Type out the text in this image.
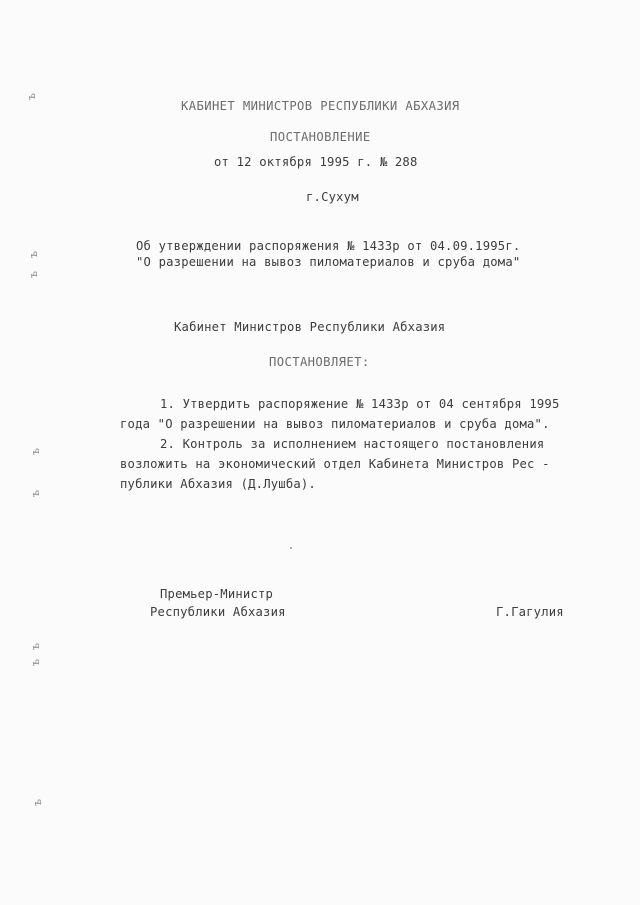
ъ
ъ
ъ
ъ
ъ
ъ
ъ
ъ
КАБИНЕТ МИНИСТРОВ РЕСПУБЛИКИ АБХАЗИЯ
ПОСТАНОВЛЕНИЕ
от 12 октября 1995 г. № 288
г.Сухум
Об утверждении распоряжения № 1433р от 04.09.1995г.
"О разрешении на вывоз пиломатериалов и сруба дома"
Кабинет Министров Республики Абхазия
ПОСТАНОВЛЯЕТ:
1. Утвердить распоряжение № 1433р от 04 сентября 1995
года "О разрешении на вывоз пиломатериалов и сруба дома".
2. Контроль за исполнением настоящего постановления
возложить на экономический отдел Кабинета Министров Рес -
публики Абхазия (Д.Лушба).
Премьер-Министр
Республики Абхазия	Г.Гагулия
